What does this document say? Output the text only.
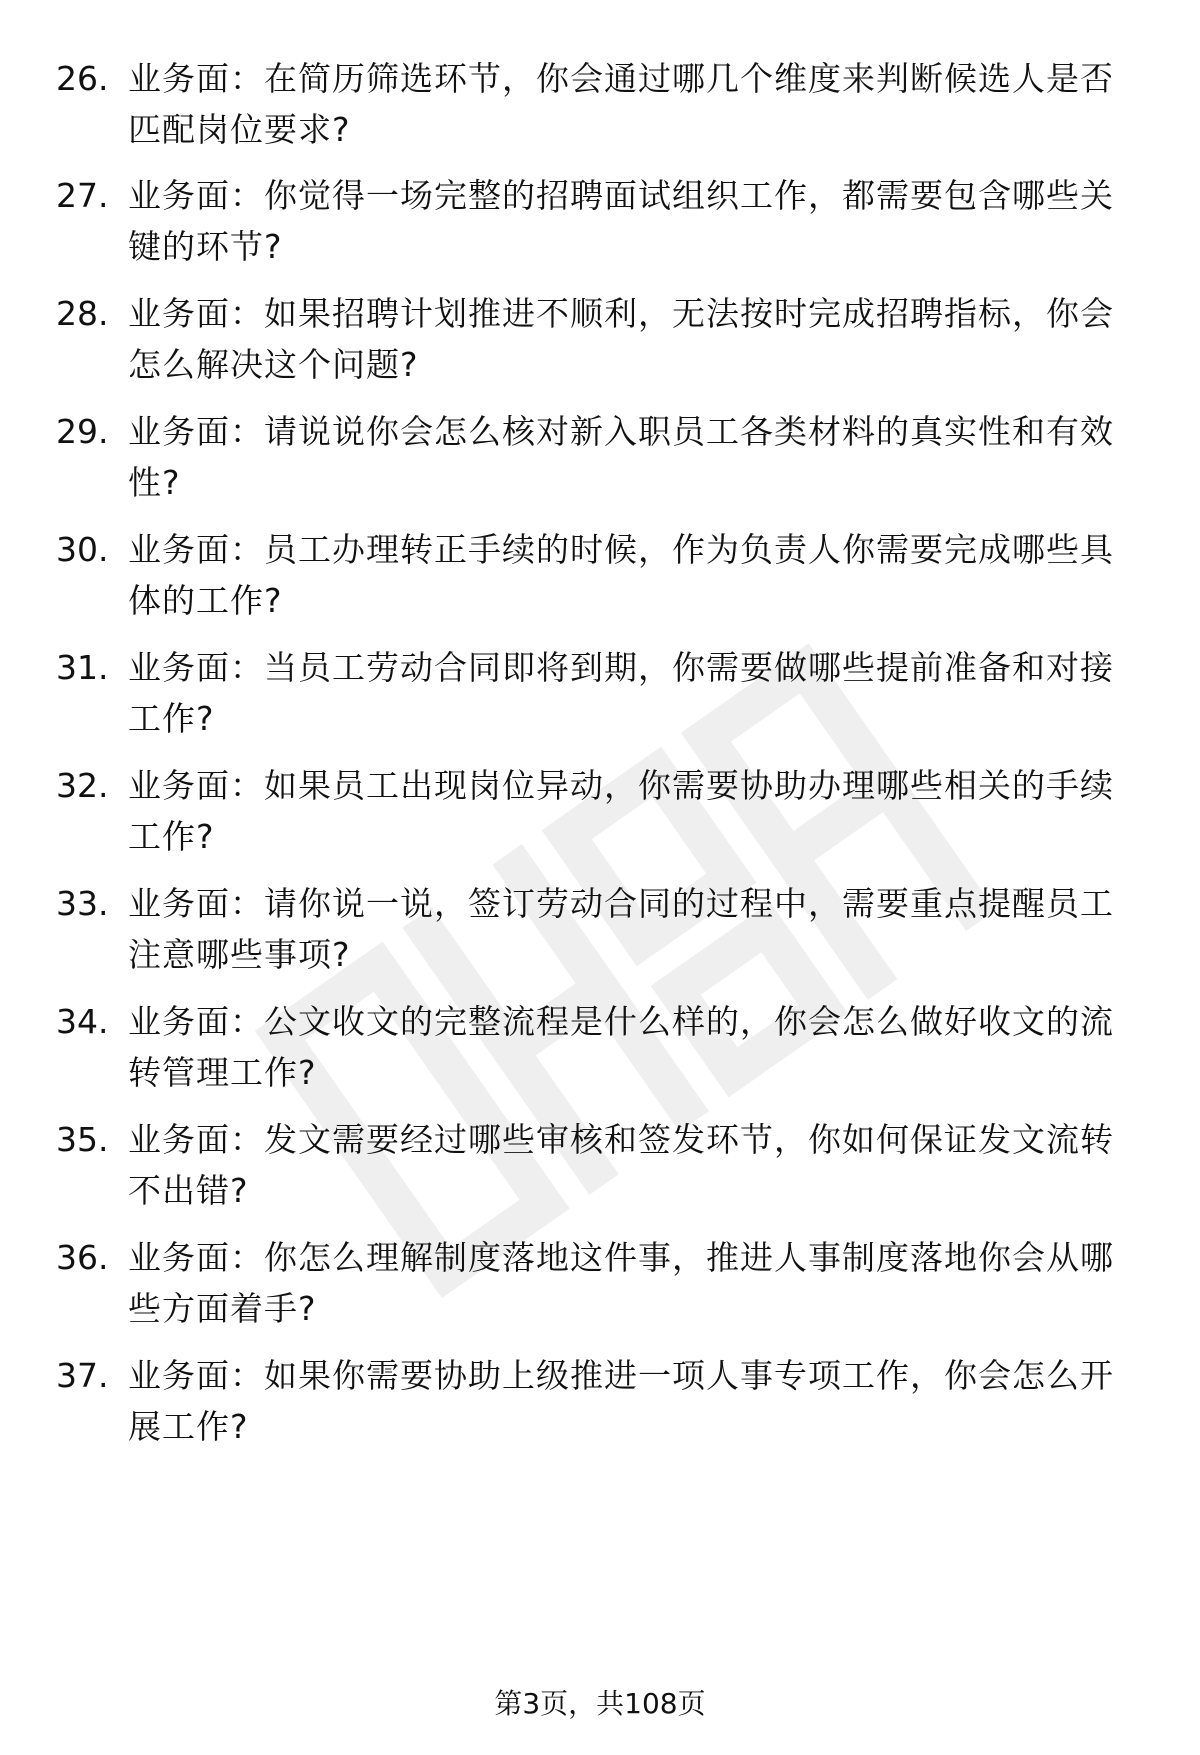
26. 业务面：在简历筛选环节，你会通过哪几个维度来判断候选人是否匹配岗位要求?
27. 业务面：你觉得一场完整的招聘面试组织工作，都需要包含哪些关键的环节?
28. 业务面：如果招聘计划推进不顺利，无法按时完成招聘指标，你会怎么解决这个问题?
29. 业务面：请说说你会怎么核对新入职员工各类材料的真实性和有效性?
30. 业务面：员工办理转正手续的时候，作为负责人你需要完成哪些具体的工作?
31. 业务面：当员工劳动合同即将到期，你需要做哪些提前准备和对接工作?
32. 业务面：如果员工出现岗位异动，你需要协助办理哪些相关的手续工作?
33. 业务面：请你说一说，签订劳动合同的过程中，需要重点提醒员工注意哪些事项?
34. 业务面：公文收文的完整流程是什么样的，你会怎么做好收文的流转管理工作?
35. 业务面：发文需要经过哪些审核和签发环节，你如何保证发文流转不出错?
36. 业务面：你怎么理解制度落地这件事，推进人事制度落地你会从哪些方面着手?
37. 业务面：如果你需要协助上级推进一项人事专项工作，你会怎么开展工作?
第3页，共108页
